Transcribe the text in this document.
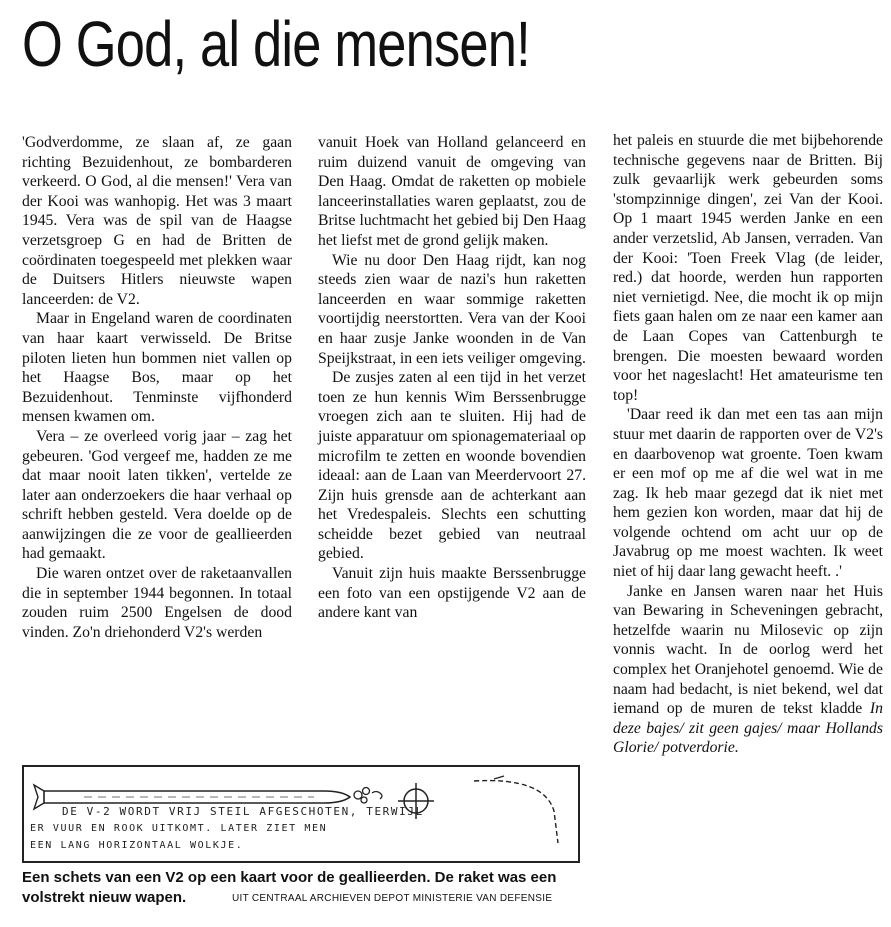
O God, al die mensen!

'Godverdomme, ze slaan af, ze gaan richting Bezuidenhout, ze bombarderen verkeerd. O God, al die mensen!' Vera van der Kooi was wanhopig. Het was 3 maart 1945. Vera was de spil van de Haagse verzetsgroep G en had de Britten de coördinaten toegespeeld met plekken waar de Duitsers Hitlers nieuwste wapen lanceerden: de V2.

Maar in Engeland waren de coordinaten van haar kaart verwisseld. De Britse piloten lieten hun bommen niet vallen op het Haagse Bos, maar op het Bezuidenhout. Tenminste vijfhonderd mensen kwamen om.

Vera – ze overleed vorig jaar – zag het gebeuren. 'God vergeef me, hadden ze me dat maar nooit laten tikken', vertelde ze later aan onderzoekers die haar verhaal op schrift hebben gesteld. Vera doelde op de aanwijzingen die ze voor de geallieerden had gemaakt.

Die waren ontzet over de raketaanvallen die in september 1944 begonnen. In totaal zouden ruim 2500 Engelsen de dood vinden. Zo'n driehonderd V2's werden

vanuit Hoek van Holland gelanceerd en ruim duizend vanuit de omgeving van Den Haag. Omdat de raketten op mobiele lanceerinstallaties waren geplaatst, zou de Britse luchtmacht het gebied bij Den Haag het liefst met de grond gelijk maken.

Wie nu door Den Haag rijdt, kan nog steeds zien waar de nazi's hun raketten lanceerden en waar sommige raketten voortijdig neerstortten. Vera van der Kooi en haar zusje Janke woonden in de Van Speijkstraat, in een iets veiliger omgeving.

De zusjes zaten al een tijd in het verzet toen ze hun kennis Wim Berssenbrugge vroegen zich aan te sluiten. Hij had de juiste apparatuur om spionagemateriaal op microfilm te zetten en woonde bovendien ideaal: aan de Laan van Meerdervoort 27. Zijn huis grensde aan de achterkant aan het Vredespaleis. Slechts een schutting scheidde bezet gebied van neutraal gebied.

Vanuit zijn huis maakte Berssenbrugge een foto van een opstijgende V2 aan de andere kant van

het paleis en stuurde die met bijbehorende technische gegevens naar de Britten. Bij zulk gevaarlijk werk gebeurden soms 'stompzinnige dingen', zei Van der Kooi. Op 1 maart 1945 werden Janke en een ander verzetslid, Ab Jansen, verraden. Van der Kooi: 'Toen Freek Vlag (de leider, red.) dat hoorde, werden hun rapporten niet vernietigd. Nee, die mocht ik op mijn fiets gaan halen om ze naar een kamer aan de Laan Copes van Cattenburgh te brengen. Die moesten bewaard worden voor het nageslacht! Het amateurisme ten top!

'Daar reed ik dan met een tas aan mijn stuur met daarin de rapporten over de V2's en daarbovenop wat groente. Toen kwam er een mof op me af die wel wat in me zag. Ik heb maar gezegd dat ik niet met hem gezien kon worden, maar dat hij de volgende ochtend om acht uur op de Javabrug op me moest wachten. Ik weet niet of hij daar lang gewacht heeft. .'

Janke en Jansen waren naar het Huis van Bewaring in Scheveningen gebracht, hetzelfde waarin nu Milosevic op zijn vonnis wacht. In de oorlog werd het complex het Oranjehotel genoemd. Wie de naam had bedacht, is niet bekend, wel dat iemand op de muren de tekst kladde In deze bajes/ zit geen gajes/ maar Hollands Glorie/ potverdorie.

DE V-2 WORDT VRIJ STEIL AFGESCHOTEN, TERWIJL
ER VUUR EN ROOK UITKOMT. LATER ZIET MEN
EEN LANG HORIZONTAAL WOLKJE.
Een schets van een V2 op een kaart voor de geallieerden. De raket was een volstrekt nieuw wapen.	UIT CENTRAAL ARCHIEVEN DEPOT MINISTERIE VAN DEFENSIE
